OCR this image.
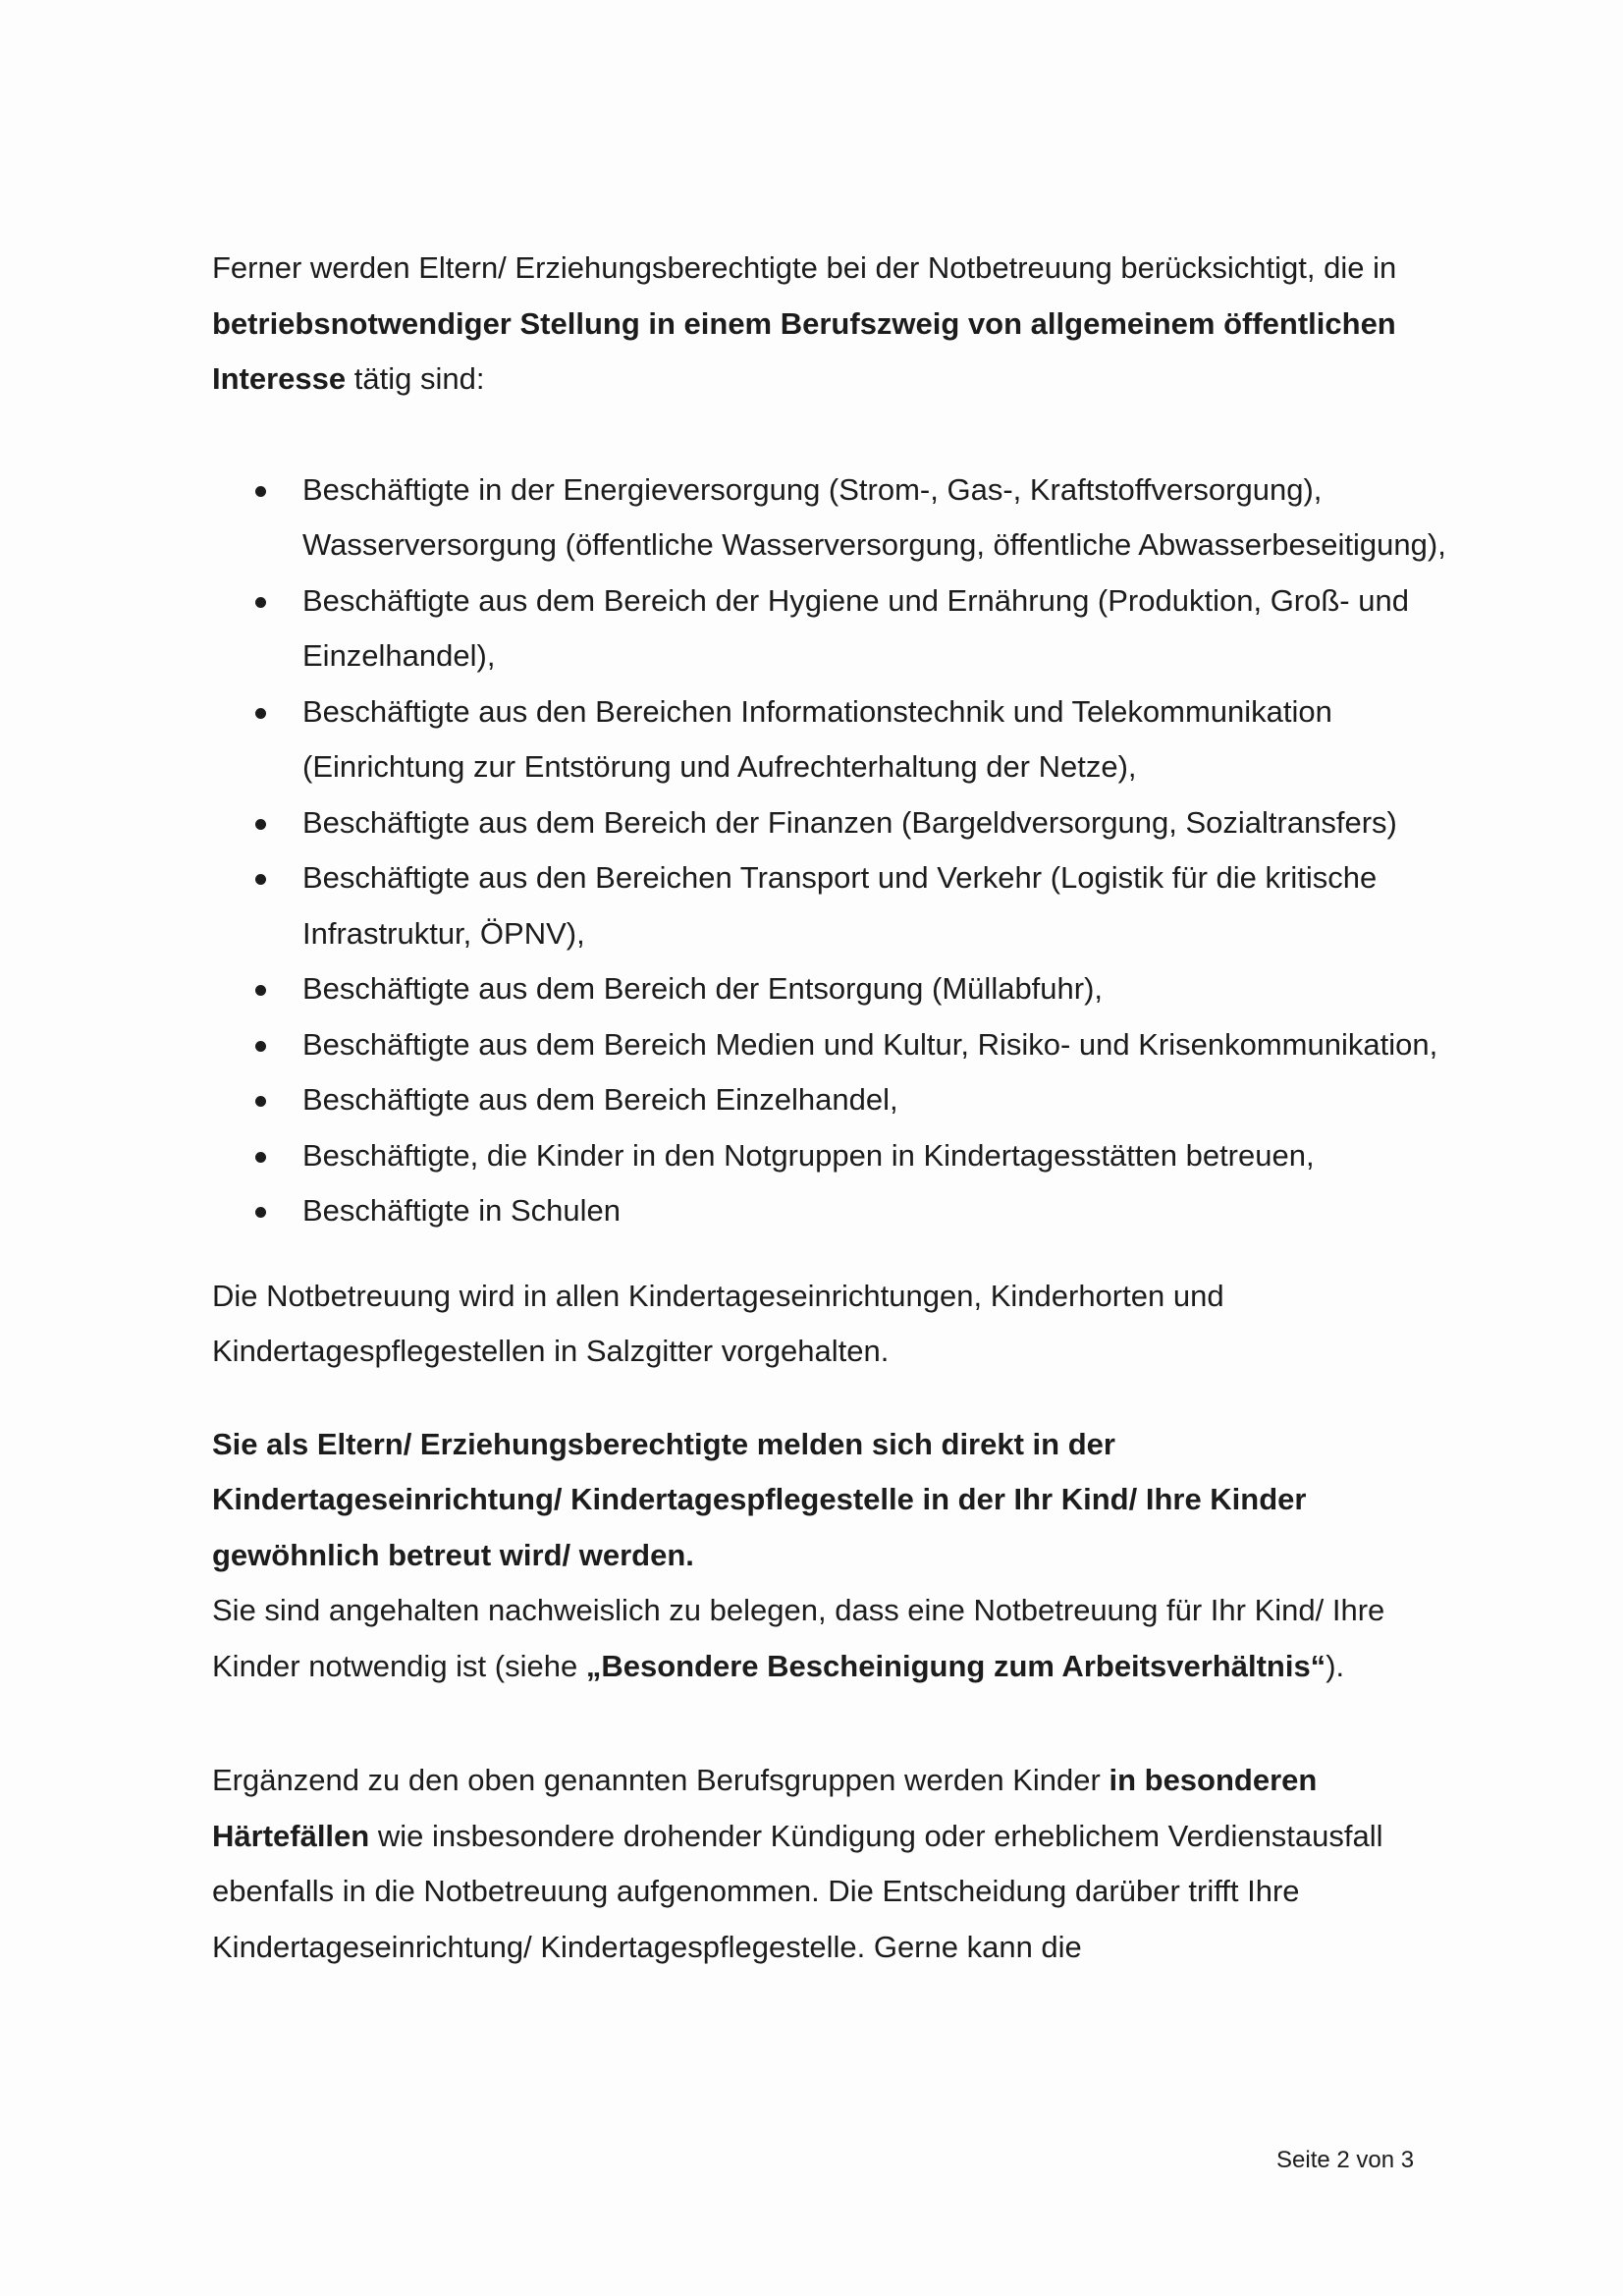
Ferner werden Eltern/ Erziehungsberechtigte bei der Notbetreuung berücksichtigt, die in betriebsnotwendiger Stellung in einem Berufszweig von allgemeinem öffentlichen Interesse tätig sind:

Beschäftigte in der Energieversorgung (Strom-, Gas-, Kraftstoffversorgung), Wasserversorgung (öffentliche Wasserversorgung, öffentliche Abwasserbeseitigung),
Beschäftigte aus dem Bereich der Hygiene und Ernährung (Produktion, Groß- und Einzelhandel),
Beschäftigte aus den Bereichen Informationstechnik und Telekommunikation (Einrichtung zur Entstörung und Aufrechterhaltung der Netze),
Beschäftigte aus dem Bereich der Finanzen (Bargeldversorgung, Sozialtransfers)
Beschäftigte aus den Bereichen Transport und Verkehr (Logistik für die kritische Infrastruktur, ÖPNV),
Beschäftigte aus dem Bereich der Entsorgung (Müllabfuhr),
Beschäftigte aus dem Bereich Medien und Kultur, Risiko- und Krisenkommunikation,
Beschäftigte aus dem Bereich Einzelhandel,
Beschäftigte, die Kinder in den Notgruppen in Kindertagesstätten betreuen,
Beschäftigte in Schulen

Die Notbetreuung wird in allen Kindertageseinrichtungen, Kinderhorten und Kindertagespflegestellen in Salzgitter vorgehalten.

Sie als Eltern/ Erziehungsberechtigte melden sich direkt in der Kindertageseinrichtung/ Kindertagespflegestelle in der Ihr Kind/ Ihre Kinder gewöhnlich betreut wird/ werden.
Sie sind angehalten nachweislich zu belegen, dass eine Notbetreuung für Ihr Kind/ Ihre Kinder notwendig ist (siehe „Besondere Bescheinigung zum Arbeitsverhältnis“).

Ergänzend zu den oben genannten Berufsgruppen werden Kinder in besonderen Härtefällen wie insbesondere drohender Kündigung oder erheblichem Verdienstausfall ebenfalls in die Notbetreuung aufgenommen. Die Entscheidung darüber trifft Ihre Kindertageseinrichtung/ Kindertagespflegestelle. Gerne kann die

Seite 2 von 3
